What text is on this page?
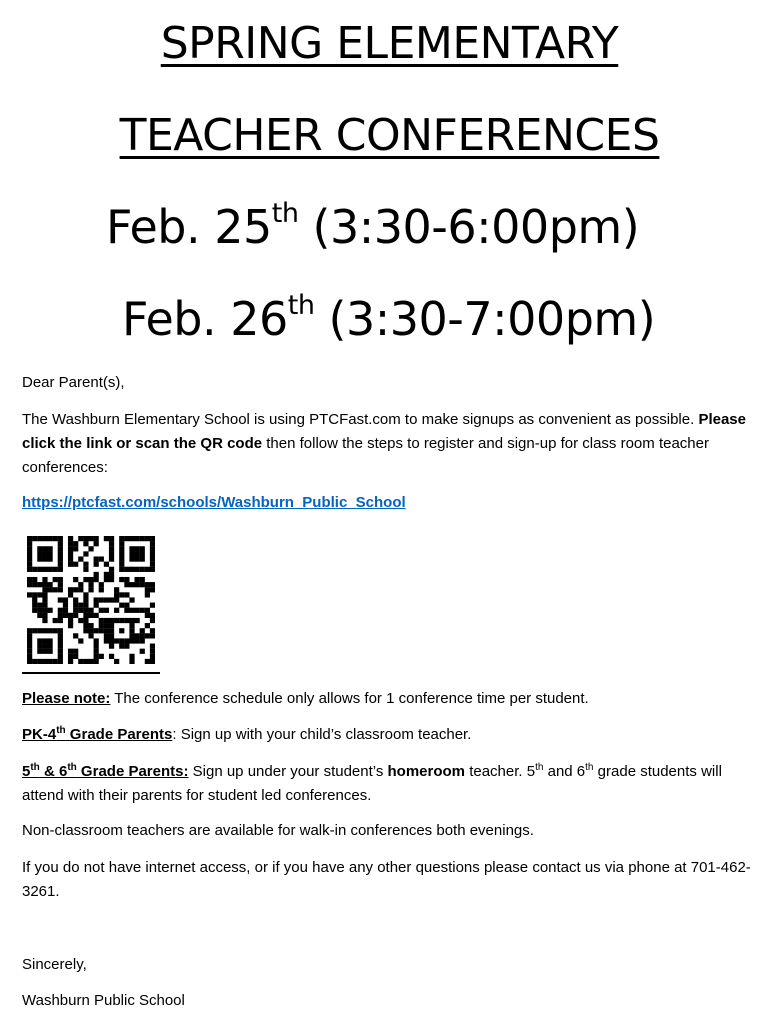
SPRING ELEMENTARY
TEACHER CONFERENCES
Feb. 25th (3:30-6:00pm)
Feb. 26th (3:30-7:00pm)
Dear Parent(s),
The Washburn Elementary School is using PTCFast.com to make signups as convenient as possible. Please click the link or scan the QR code then follow the steps to register and sign-up for class room teacher conferences:
https://ptcfast.com/schools/Washburn_Public_School
Please note: The conference schedule only allows for 1 conference time per student.
PK-4th Grade Parents: Sign up with your child’s classroom teacher.
5th & 6th Grade Parents: Sign up under your student’s homeroom teacher. 5th and 6th grade students will attend with their parents for student led conferences.
Non-classroom teachers are available for walk-in conferences both evenings.
If you do not have internet access, or if you have any other questions please contact us via phone at 701-462-3261.
Sincerely,
Washburn Public School
